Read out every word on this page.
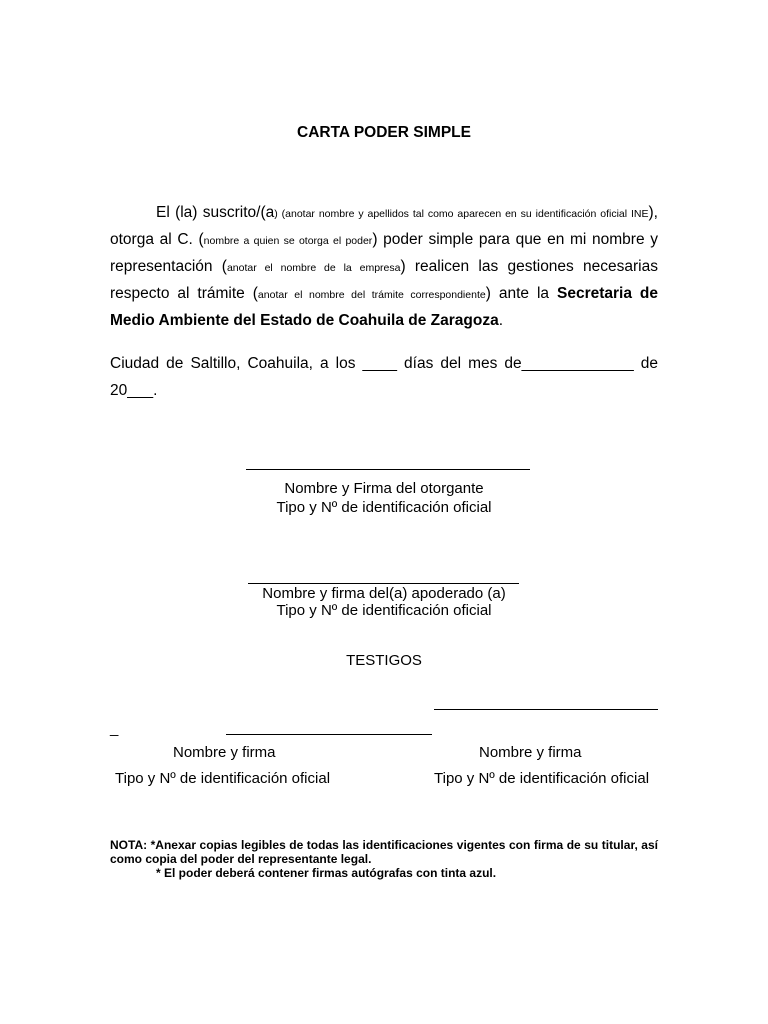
CARTA PODER SIMPLE
El (la) suscrito/(a) (anotar nombre y apellidos tal como aparecen en su identificación oficial INE), otorga al C. (nombre a quien se otorga el poder) poder simple para que en mi nombre y representación (anotar el nombre de la empresa) realicen las gestiones necesarias respecto al trámite (anotar el nombre del trámite correspondiente) ante la Secretaria de Medio Ambiente del Estado de Coahuila de Zaragoza.
Ciudad de Saltillo, Coahuila, a los ____ días del mes de_____________ de 20___.
Nombre y Firma del otorgante
Tipo y Nº de identificación oficial
Nombre y firma del(a) apoderado (a)
Tipo y Nº de identificación oficial
TESTIGOS
_
Nombre y firma	Nombre y firma
Tipo y Nº de identificación oficial	Tipo y Nº de identificación oficial
NOTA: *Anexar copias legibles de todas las identificaciones vigentes con firma de su titular, así como copia del poder del representante legal.
* El poder deberá contener firmas autógrafas con tinta azul.
